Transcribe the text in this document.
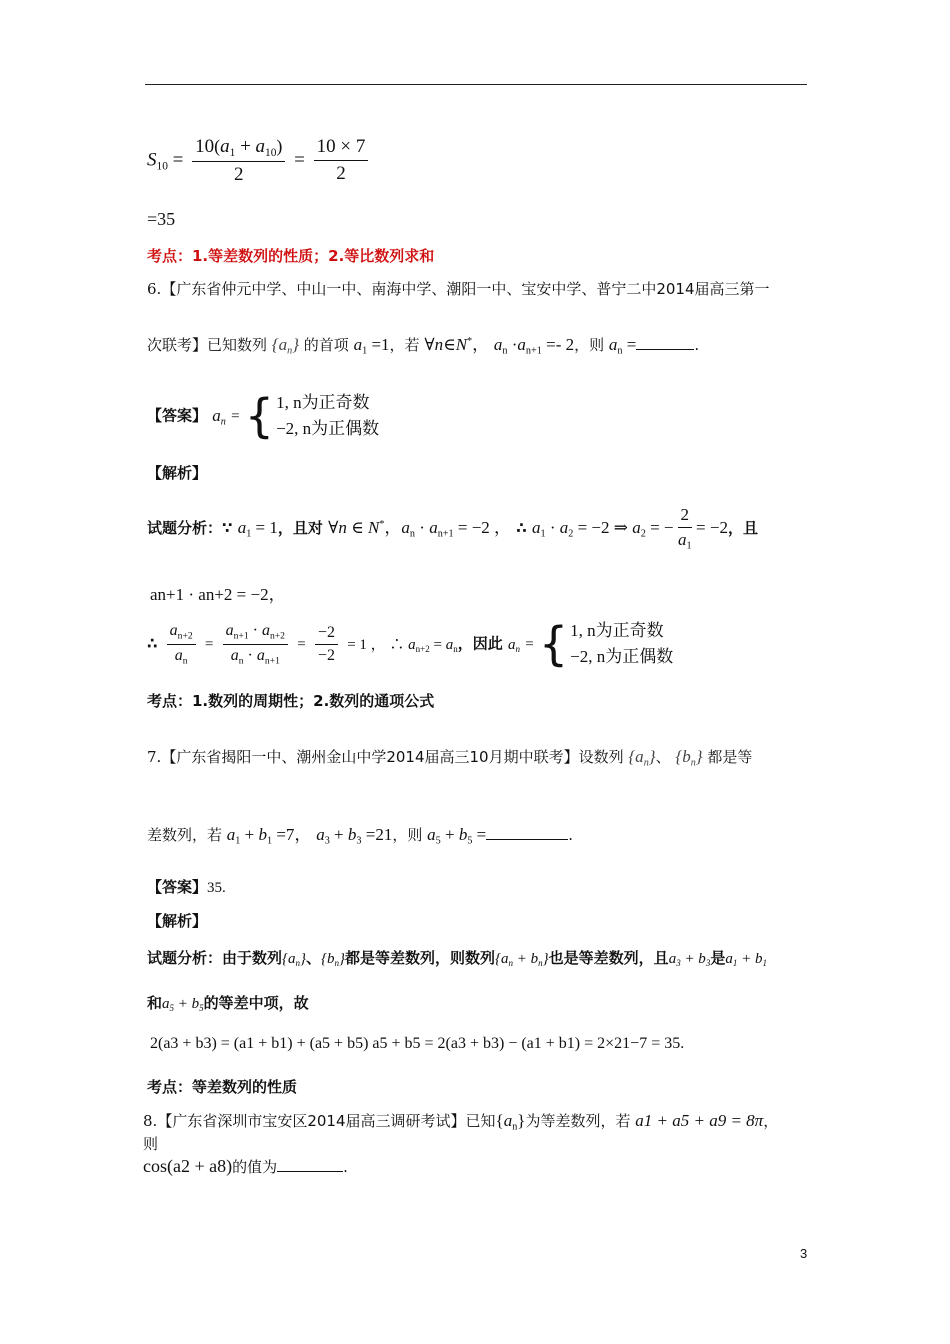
$S_{10} = \frac{10(a_1 + a_{10})}{2} = \frac{10 \times 7}{2}$
=35
考点：1.等差数列的性质；2.等比数列求和
6.【广东省仲元中学、中山一中、南海中学、潮阳一中、宝安中学、普宁二中2014届高三第一
次联考】已知数列 $\{a_n\}$ 的首项 $a_1 =1$，若 ∀n∈N*， $a_n \cdot a_{n+1} =- 2$，则 $a_n$ =	.
【答案】 $a_n$ = { 1, n为正奇数
−2, n为正偶数
【解析】
试题分析：∵ $a_1 = 1$，且对 ∀n ∈ N*，$a_n \cdot a_{n+1} = -2$ ， ∴ $a_1 \cdot a_2 = -2$ ⇒ $a_2$ = − $\frac{2}{a_1} = -2$，且
an+1 · an+2 = −2，
∴ $\frac{a_{n+2}}{a_n} = \frac{a_{n+1} \cdot a_{n+2}}{a_n \cdot a_{n+1}} = \frac{-2}{-2} = 1$ ， ∴ $a_{n+2} = a_n$，因此 $a_n$ = { 1, n为正奇数
−2, n为正偶数
考点：1.数列的周期性；2.数列的通项公式
7.【广东省揭阳一中、潮州金山中学2014届高三10月期中联考】设数列 $\{a_n\}$、 $\{b_n\}$ 都是等
差数列，若 $a_1 + b_1 =7$， $a_3 + b_3 =21$，则 $a_5 + b_5$ =	.
【答案】35.
【解析】
试题分析：由于数列$\{a_n\}$、$\{b_n\}$都是等差数列，则数列$\{a_n + b_n\}$也是等差数列，且$a_3 + b_3$是$a_1 + b_1$
和$a_5 + b_5$的等差中项，故
2(a3 + b3) = (a1 + b1) + (a5 + b5) a5 + b5 = 2(a3 + b3) − (a1 + b1) = 2×21−7 = 35.
考点：等差数列的性质
8.【广东省深圳市宝安区2014届高三调研考试】已知$\{a_n\}$为等差数列，若 a1 + a5 + a9 = 8π，
则
cos(a2 + a8)的值为	.
3
